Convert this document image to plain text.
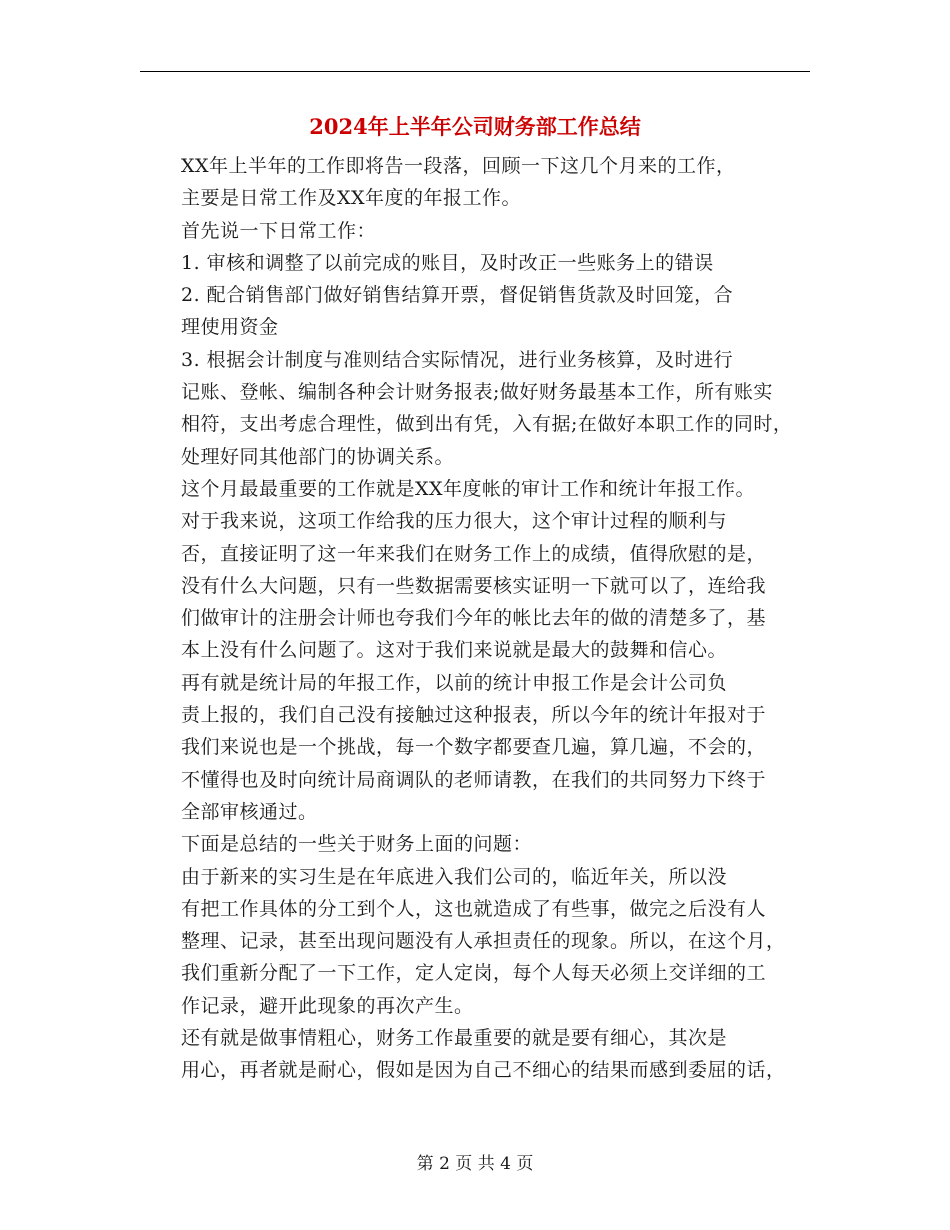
2024年上半年公司财务部工作总结

XX年上半年的工作即将告一段落，回顾一下这几个月来的工作，
主要是日常工作及XX年度的年报工作。

首先说一下日常工作：

1. 审核和调整了以前完成的账目，及时改正一些账务上的错误

2. 配合销售部门做好销售结算开票，督促销售货款及时回笼，合
理使用资金

3. 根据会计制度与准则结合实际情况，进行业务核算，及时进行
记账、登帐、编制各种会计财务报表;做好财务最基本工作，所有账实
相符，支出考虑合理性，做到出有凭，入有据;在做好本职工作的同时，
处理好同其他部门的协调关系。

这个月最最重要的工作就是XX年度帐的审计工作和统计年报工作。

对于我来说，这项工作给我的压力很大，这个审计过程的顺利与
否，直接证明了这一年来我们在财务工作上的成绩，值得欣慰的是，
没有什么大问题，只有一些数据需要核实证明一下就可以了，连给我
们做审计的注册会计师也夸我们今年的帐比去年的做的清楚多了，基
本上没有什么问题了。这对于我们来说就是最大的鼓舞和信心。

再有就是统计局的年报工作，以前的统计申报工作是会计公司负
责上报的，我们自己没有接触过这种报表，所以今年的统计年报对于
我们来说也是一个挑战，每一个数字都要查几遍，算几遍，不会的，
不懂得也及时向统计局商调队的老师请教，在我们的共同努力下终于
全部审核通过。

下面是总结的一些关于财务上面的问题：

由于新来的实习生是在年底进入我们公司的，临近年关，所以没
有把工作具体的分工到个人，这也就造成了有些事，做完之后没有人
整理、记录，甚至出现问题没有人承担责任的现象。所以，在这个月，
我们重新分配了一下工作，定人定岗，每个人每天必须上交详细的工
作记录，避开此现象的再次产生。

还有就是做事情粗心，财务工作最重要的就是要有细心，其次是
用心，再者就是耐心，假如是因为自己不细心的结果而感到委屈的话，

第 2 页 共 4 页
